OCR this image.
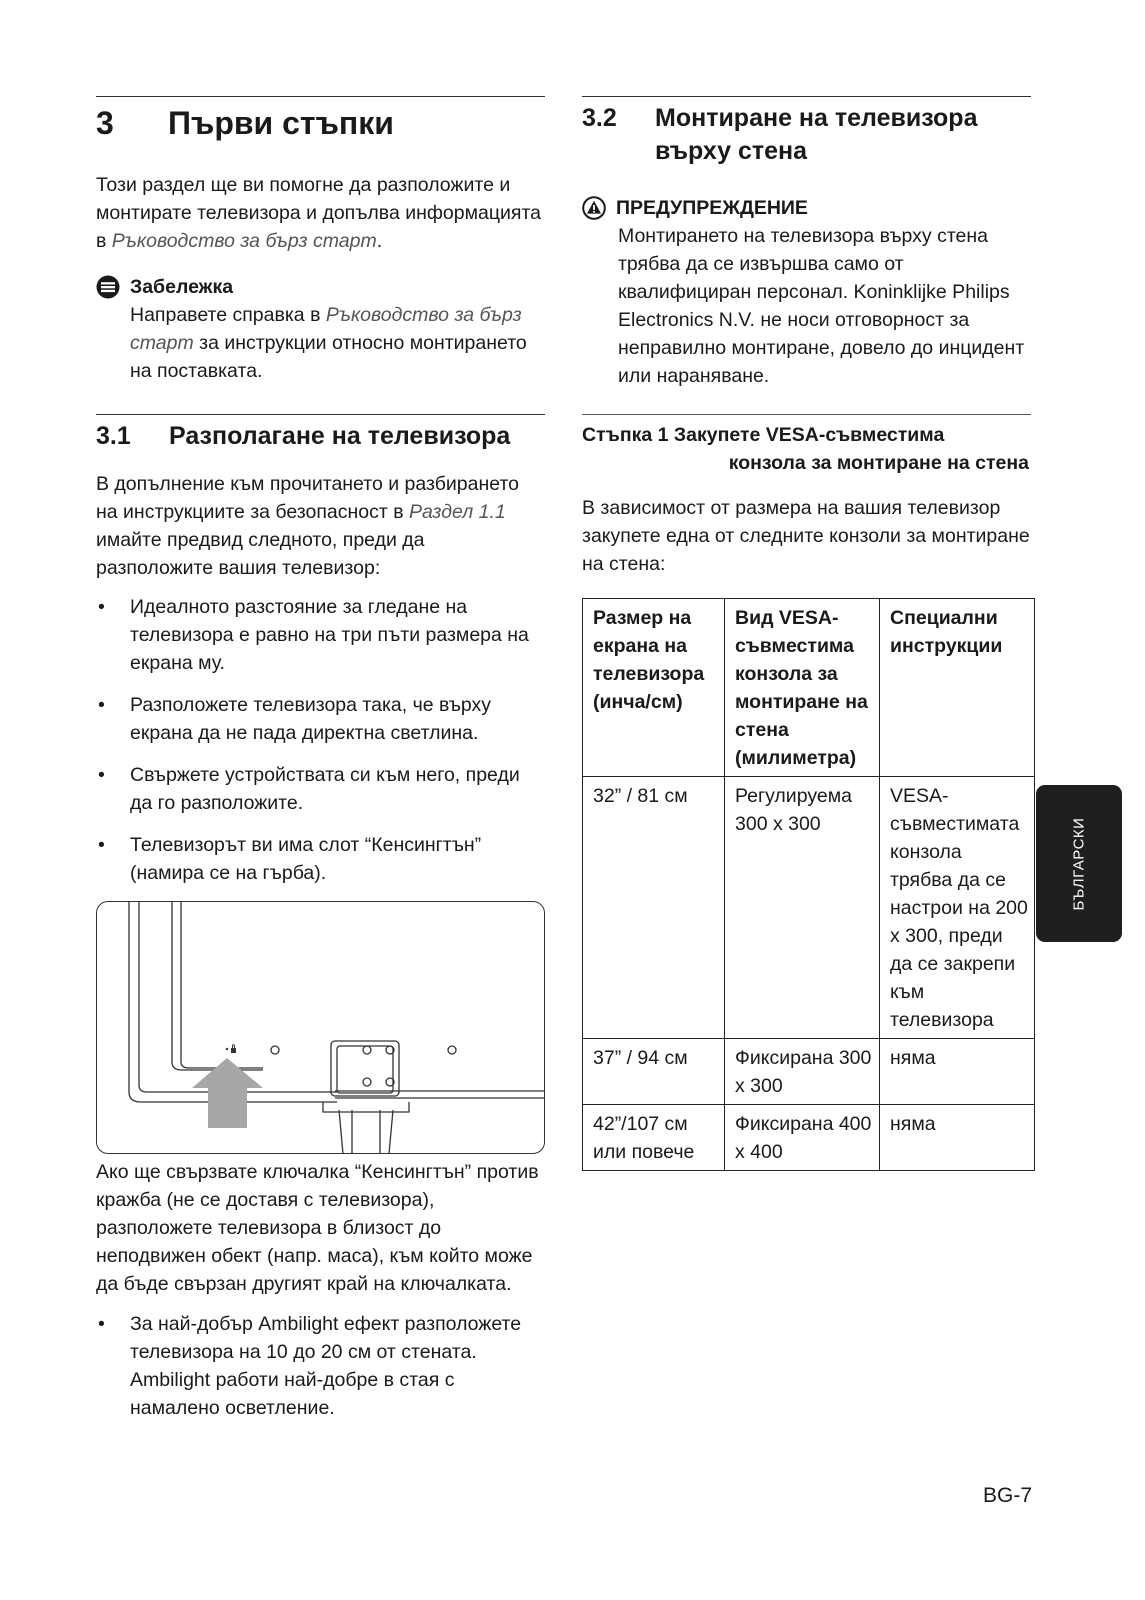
3	Първи стъпки

Този раздел ще ви помогне да разположите и монтирате телевизора и допълва информацията в Ръководство за бърз старт.

Забележка

Направете справка в Ръководство за бърз старт за инструкции относно монтирането на поставката.

3.1	Разполагане на телевизора

В допълнение към прочитането и разбирането на инструкциите за безопасност в Раздел 1.1 имайте предвид следното, преди да разположите вашия телевизор:

• Идеалното разстояние за гледане на телевизора е равно на три пъти размера на екрана му.
• Разположете телевизора така, че върху екрана да не пада директна светлина.
• Свържете устройствата си към него, преди да го разположите.
• Телевизорът ви има слот “Кенсингтън” (намира се на гърба).

Ако ще свързвате ключалка “Кенсингтън” против кражба (не се доставя с телевизора), разположете телевизора в близост до неподвижен обект (напр. маса), към който може да бъде свързан другият край на ключалката.

• За най-добър Ambilight ефект разположете телевизора на 10 до 20 см от стената. Ambilight работи най-добре в стая с намалено осветление.
3.2	Монтиране на телевизора върху стена
ПРЕДУПРЕЖДЕНИЕ

Монтирането на телевизора върху стена трябва да се извършва само от квалифициран персонал. Koninklijke Philips Electronics N.V. не носи отговорност за неправилно монтиране, довело до инцидент или нараняване.

Стъпка 1 Закупете VESA-съвместима
конзола за монтиране на стена

В зависимост от размера на вашия телевизор закупете една от следните конзоли за монтиране на стена:

Размер на екрана на телевизора (инча/см)	Вид VESA-съвместима конзола за монтиране на стена (милиметра)	Специални инструкции
32” / 81 см	Регулируема 300 x 300	VESA-съвместимата конзола трябва да се настрои на 200 x 300, преди да се закрепи към телевизора
37” / 94 см	Фиксирана 300 x 300	няма
42”/107 см или повече	Фиксирана 400 x 400	няма
БЪЛГАРСКИ
BG-7
